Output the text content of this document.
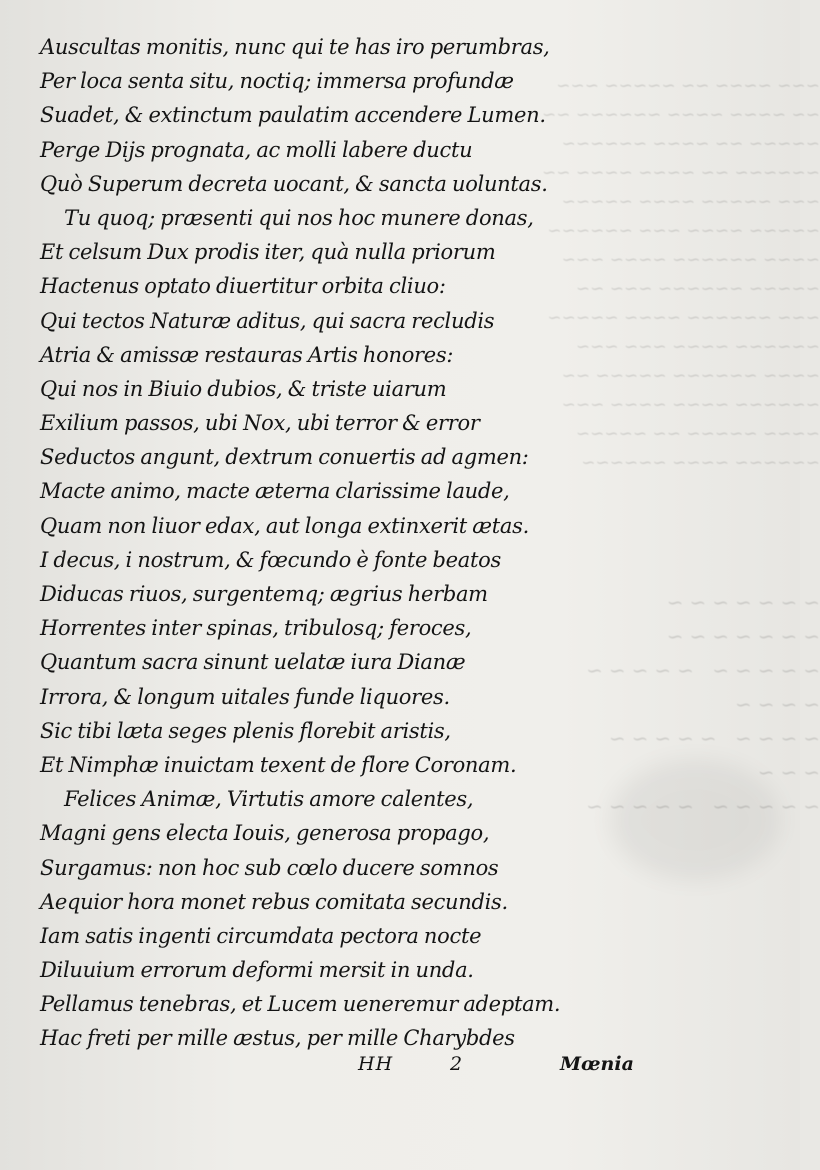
~~~ ~~~~ ~~ ~~~~~ ~~~
~~ ~~~~ ~~~~ ~~~~~~ ~~
~~~~~ ~~ ~~~~ ~~~~~~
~~~~~~ ~~ ~~~~ ~~~~ ~~
~~~ ~~~~~ ~~~~ ~~~~~
~~~~~ ~~~~ ~~~ ~~~~~~
~~~~ ~~~~~~ ~~~~ ~~~
~~~~~ ~~~~~~ ~~~ ~~
~~~ ~~~~~~ ~~~~ ~~~~~
~~~~~~ ~~~~ ~~~ ~~~
~~~~ ~~~~~~ ~~~~~ ~~
~~~~~~ ~~~~ ~~~~ ~~~
~~~~ ~~~~~ ~~ ~~~~~
~~~~~~ ~~~~ ~~~~~~
~~~~~~~ ~~~~~~~
~~~~~ ~~~~~ ~~~~
~~~~ ~~~~~ ~~~
~~~~~ ~~~~~
Auscultas monitis, nunc qui te has iro perumbras,
Per loca senta situ, noctiq; immersa profundæ
Suadet, & extinctum paulatim accendere Lumen.
Perge Dijs prognata, ac molli labere ductu
Quò Superum decreta uocant, & sancta uoluntas.
Tu quoq; præsenti qui nos hoc munere donas,
Et celsum Dux prodis iter, quà nulla priorum
Hactenus optato diuertitur orbita cliuo:
Qui tectos Naturæ aditus, qui sacra recludis
Atria & amissæ restauras Artis honores:
Qui nos in Biuio dubios, & triste uiarum
Exilium passos, ubi Nox, ubi terror & error
Seductos angunt, dextrum conuertis ad agmen:
Macte animo, macte æterna clarissime laude,
Quam non liuor edax, aut longa extinxerit ætas.
I decus, i nostrum, & fœcundo è fonte beatos
Diducas riuos, surgentemq; ægrius herbam
Horrentes inter spinas, tribulosq; feroces,
Quantum sacra sinunt uelatæ iura Dianæ
Irrora, & longum uitales funde liquores.
Sic tibi læta seges plenis florebit aristis,
Et Nimphæ inuictam texent de flore Coronam.
Felices Animæ, Virtutis amore calentes,
Magni gens electa Iouis, generosa propago,
Surgamus: non hoc sub cœlo ducere somnos
Aequior hora monet rebus comitata secundis.
Iam satis ingenti circumdata pectora nocte
Diluuium errorum deformi mersit in unda.
Pellamus tenebras, et Lucem ueneremur adeptam.
Hac freti per mille æstus, per mille Charybdes
HH	2	Mœnia
